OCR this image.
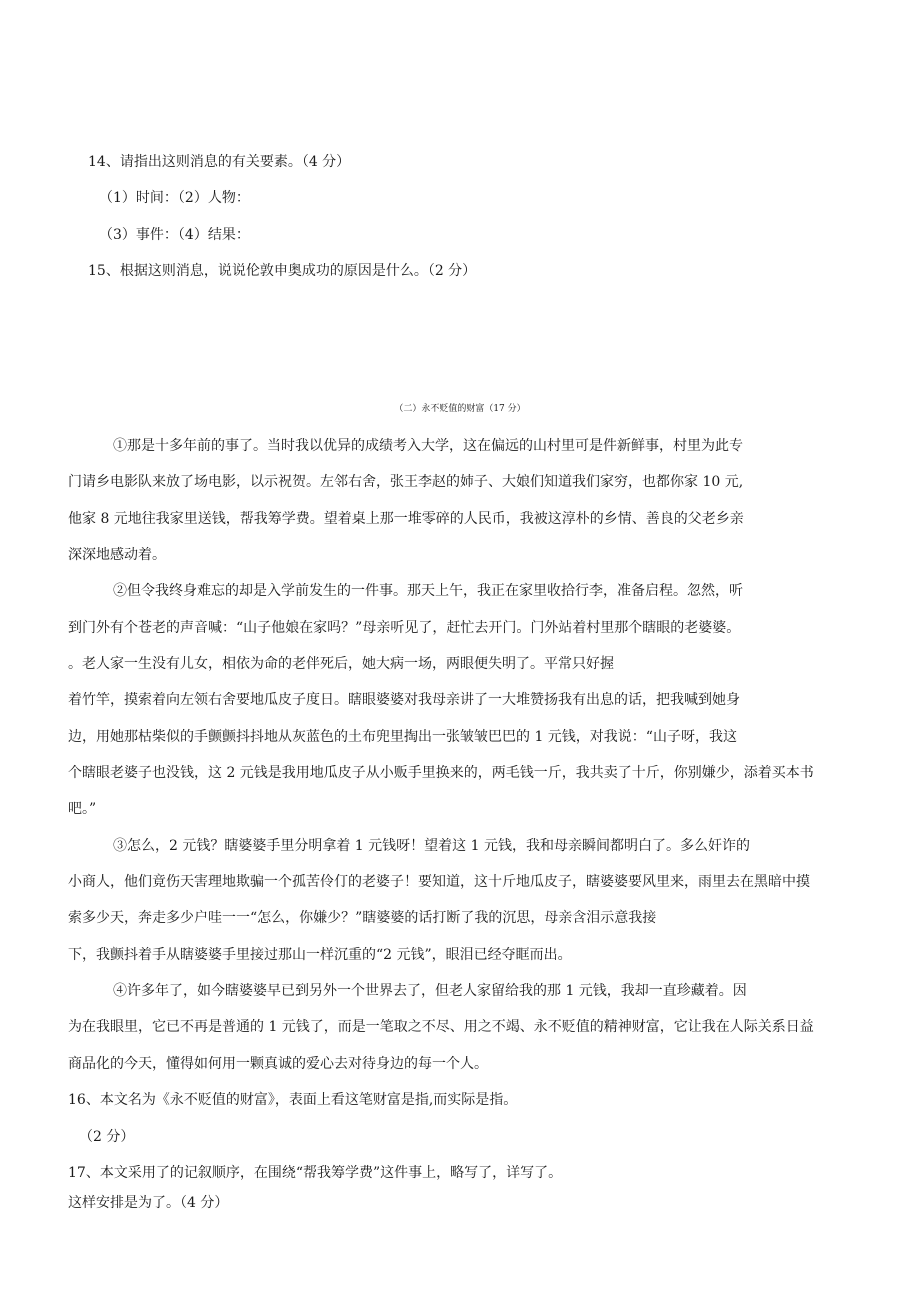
14、请指出这则消息的有关要素。（4 分）

（1）时间：（2）人物：

（3）事件：（4）结果：

15、根据这则消息，说说伦敦申奥成功的原因是什么。（2 分）

（二）永不贬值的财富（17 分）

①那是十多年前的事了。当时我以优异的成绩考入大学，这在偏远的山村里可是件新鲜事，村里为此专

门请乡电影队来放了场电影，以示祝贺。左邻右舍，张王李赵的姉子、大娘们知道我们家穷，也都你家 10 元,

他家 8 元地往我家里送钱，帮我筹学费。望着桌上那一堆零碎的人民币，我被这淳朴的乡情、善良的父老乡亲

深深地感动着。

②但令我终身难忘的却是入学前发生的一件事。那天上午，我正在家里收拾行李，准备启程。忽然，听

到门外有个苍老的声音喊：“山子他娘在家吗？”母亲听见了，赶忙去开门。门外站着村里那个瞎眼的老婆婆。

。老人家一生没有儿女，相依为命的老伴死后，她大病一场，两眼便失明了。平常只好握

着竹竿，摸索着向左领右舍要地瓜皮子度日。瞎眼婆婆对我母亲讲了一大堆赞扬我有出息的话，把我喊到她身

边，用她那枯柴似的手颤颤抖抖地从灰蓝色的土布兜里掏出一张皱皱巴巴的 1 元钱，对我说：“山子呀，我这

个瞎眼老婆子也没钱，这 2 元钱是我用地瓜皮子从小贩手里换来的，两毛钱一斤，我共卖了十斤，你别嫌少，添着买本书

吧。”

③怎么，2 元钱？瞎婆婆手里分明拿着 1 元钱呀！望着这 1 元钱，我和母亲瞬间都明白了。多么奸诈的

小商人，他们竟伤天害理地欺骗一个孤苦伶仃的老婆子！要知道，这十斤地瓜皮子，瞎婆婆要风里来，雨里去在黑暗中摸

索多少天，奔走多少户哇一一“怎么，你嫌少？”瞎婆婆的话打断了我的沉思，母亲含泪示意我接

下，我颤抖着手从瞎婆婆手里接过那山一样沉重的“2 元钱”，眼泪已经夺眶而出。

④许多年了，如今瞎婆婆早已到另外一个世界去了，但老人家留给我的那 1 元钱，我却一直珍藏着。因

为在我眼里，它已不再是普通的 1 元钱了，而是一笔取之不尽、用之不竭、永不贬值的精神财富，它让我在人际关系日益

商品化的今天，懂得如何用一颗真诚的爱心去对待身边的每一个人。

16、本文名为《永不贬值的财富》，表面上看这笔财富是指,而实际是指。

（2 分）

17、本文采用了的记叙顺序，在围绕“帮我筹学费”这件事上，略写了，详写了。

这样安排是为了。（4 分）
